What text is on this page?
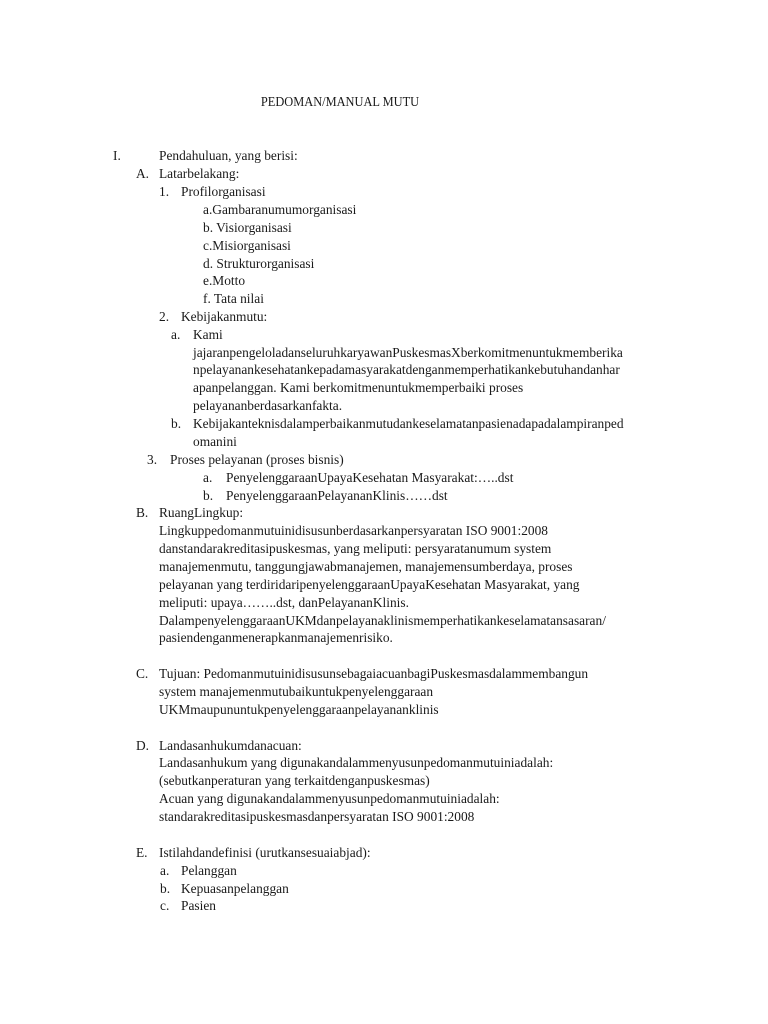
PEDOMAN/MANUAL MUTU
I.	Pendahuluan, yang berisi:
A. Latarbelakang:
1. Profilorganisasi
a.Gambaranumumorganisasi
b. Visiorganisasi
c.Misiorganisasi
d. Strukturorganisasi
e.Motto
f. Tata nilai
2. Kebijakanmutu:
a. Kami
jajaranpengeloladanseluruhkaryawanPuskesmasXberkomitmenuntukmemberika
npelayanankesehatankepadamasyarakatdenganmemperhatikankebutuhandanhar
apanpelanggan. Kami berkomitmenuntukmemperbaiki proses
pelayananberdasarkanfakta.
b. Kebijakanteknisdalamperbaikanmutudankeselamatanpasienadapadalampiranped
omanini
3. Proses pelayanan (proses bisnis)
a. PenyelenggaraanUpayaKesehatan Masyarakat:…..dst
b. PenyelenggaraanPelayananKlinis……dst
B. RuangLingkup:
Lingkuppedomanmutuinidisusunberdasarkanpersyaratan ISO 9001:2008
danstandarakreditasipuskesmas, yang meliputi: persyaratanumum system
manajemenmutu, tanggungjawabmanajemen, manajemensumberdaya, proses
pelayanan yang terdiridaripenyelenggaraanUpayaKesehatan Masyarakat, yang
meliputi: upaya……..dst, danPelayananKlinis.
DalampenyelenggaraanUKMdanpelayanaklinismemperhatikankeselamatansasaran/
pasiendenganmenerapkanmanajemenrisiko.
C. Tujuan: PedomanmutuinidisusunsebagaiacuanbagiPuskesmasdalammembangun
system manajemenmutubaikuntukpenyelenggaraan
UKMmaupununtukpenyelenggaraanpelayananklinis
D. Landasanhukumdanacuan:
Landasanhukum yang digunakandalammenyusunpedomanmutuiniadalah:
(sebutkanperaturan yang terkaitdenganpuskesmas)
Acuan yang digunakandalammenyusunpedomanmutuiniadalah:
standarakreditasipuskesmasdanpersyaratan ISO 9001:2008
E. Istilahdandefinisi (urutkansesuaiabjad):
a. Pelanggan
b. Kepuasanpelanggan
c. Pasien
